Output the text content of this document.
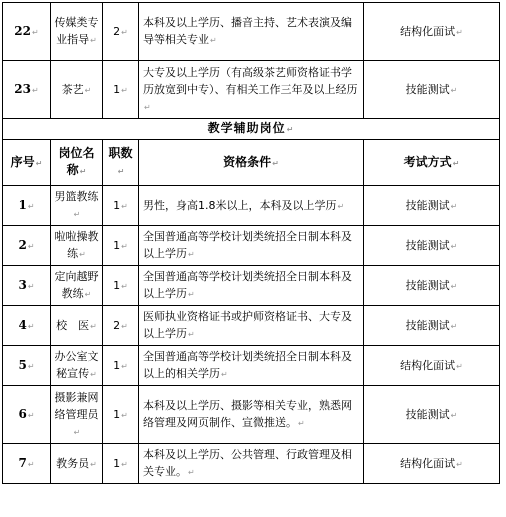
22↵	传媒类专业指导↵	2↵	本科及以上学历、播音主持、艺术表演及编导等相关专业↵	结构化面试↵
23↵	茶艺↵	1↵	大专及以上学历（有高级茶艺师资格证书学历放宽到中专）、有相关工作三年及以上经历↵	技能测试↵
教学辅助岗位↵				
序号↵	岗位名称↵	职数↵	资格条件↵	考试方式↵
1↵	男篮教练↵	1↵	男性，身高1.8米以上，本科及以上学历↵	技能测试↵
2↵	啦啦操教练↵	1↵	全国普通高等学校计划类统招全日制本科及以上学历↵	技能测试↵
3↵	定向越野教练↵	1↵	全国普通高等学校计划类统招全日制本科及以上学历↵	技能测试↵
4↵	校　医↵	2↵	医师执业资格证书或护师资格证书、大专及以上学历↵	技能测试↵
5↵	办公室文秘宣传↵	1↵	全国普通高等学校计划类统招全日制本科及以上的相关学历↵	结构化面试↵
6↵	摄影兼网络管理员↵	1↵	本科及以上学历、摄影等相关专业，熟悉网络管理及网页制作、宣微推送。↵	技能测试↵
7↵	教务员↵	1↵	本科及以上学历、公共管理、行政管理及相关专业。↵	结构化面试↵
